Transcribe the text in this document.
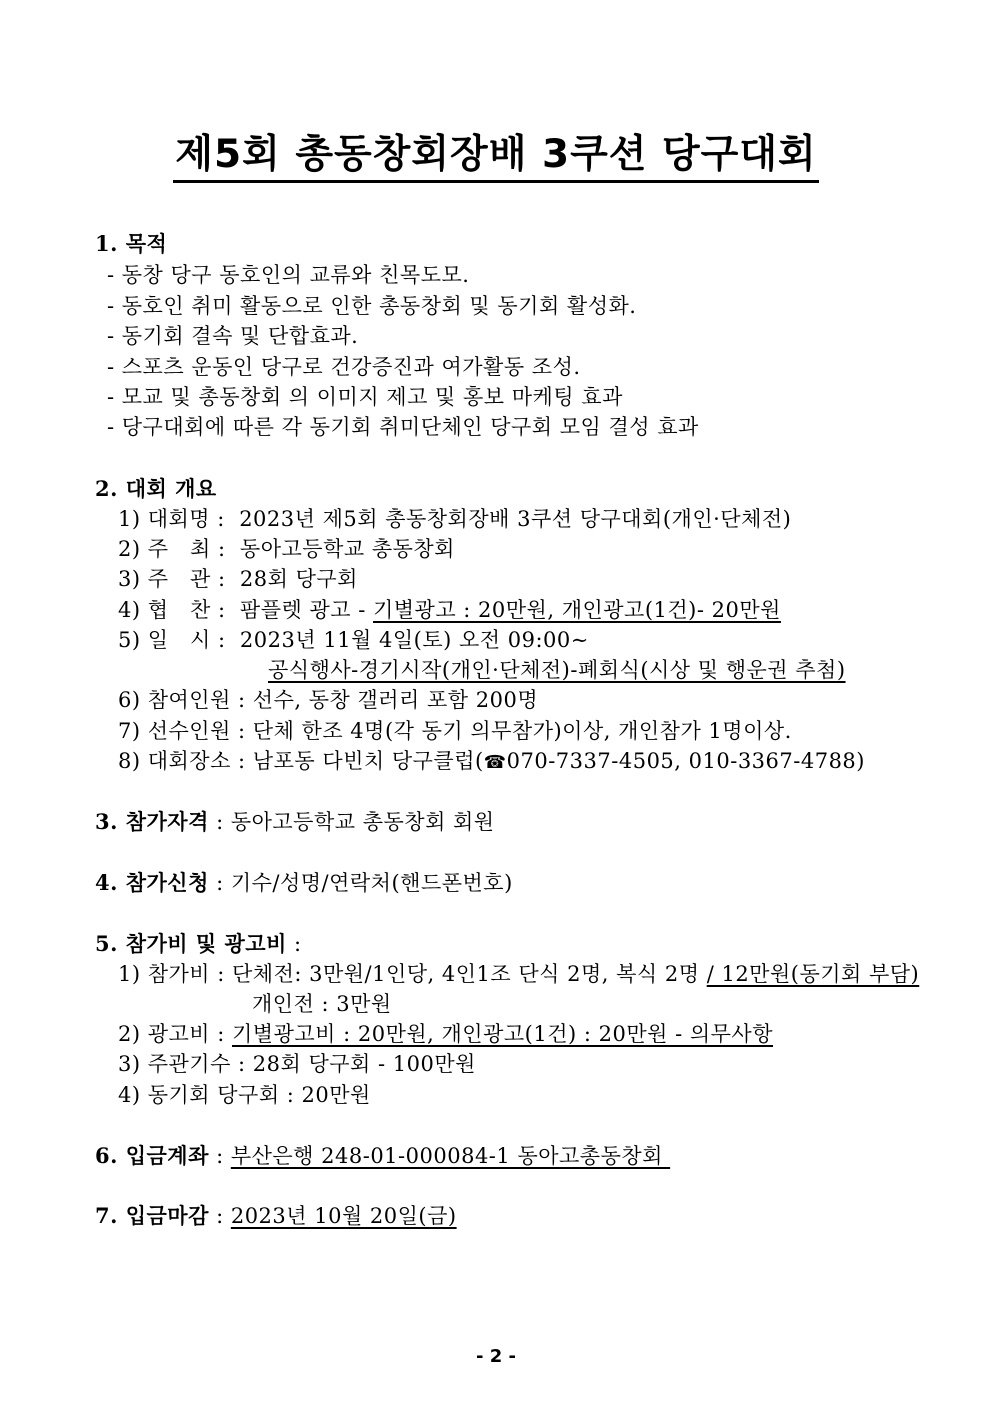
제5회 총동창회장배 3쿠션 당구대회
1. 목적
- 동창 당구 동호인의 교류와 친목도모.
- 동호인 취미 활동으로 인한 총동창회 및 동기회 활성화.
- 동기회 결속 및 단합효과.
- 스포츠 운동인 당구로 건강증진과 여가활동 조성.
- 모교 및 총동창회 의 이미지 제고 및 홍보 마케팅 효과
- 당구대회에 따른 각 동기회 취미단체인 당구회 모임 결성 효과
2. 대회 개요
1) 대회명 :  2023년 제5회 총동창회장배 3쿠션 당구대회(개인·단체전)
2) 주   최 :  동아고등학교 총동창회
3) 주   관 :  28회 당구회
4) 협   찬 :  팜플렛 광고 - 기별광고 : 20만원, 개인광고(1건)- 20만원
5) 일   시 :  2023년 11월 4일(토) 오전 09:00∼
공식행사-경기시작(개인·단체전)-폐회식(시상 및 행운권 추첨)
6) 참여인원 : 선수, 동창 갤러리 포함 200명
7) 선수인원 : 단체 한조 4명(각 동기 의무참가)이상, 개인참가 1명이상.
8) 대회장소 : 남포동 다빈치 당구클럽(☎070-7337-4505, 010-3367-4788)
3. 참가자격 : 동아고등학교 총동창회 회원
4. 참가신청 : 기수/성명/연락처(핸드폰번호)
5. 참가비 및 광고비 :
1) 참가비 : 단체전: 3만원/1인당, 4인1조 단식 2명, 복식 2명 / 12만원(동기회 부담)
개인전 : 3만원
2) 광고비 : 기별광고비 : 20만원, 개인광고(1건) : 20만원 - 의무사항
3) 주관기수 : 28회 당구회 - 100만원
4) 동기회 당구회 : 20만원
6. 입금계좌 : 부산은행 248-01-000084-1 동아고총동창회
7. 입금마감 : 2023년 10월 20일(금)
- 2 -
